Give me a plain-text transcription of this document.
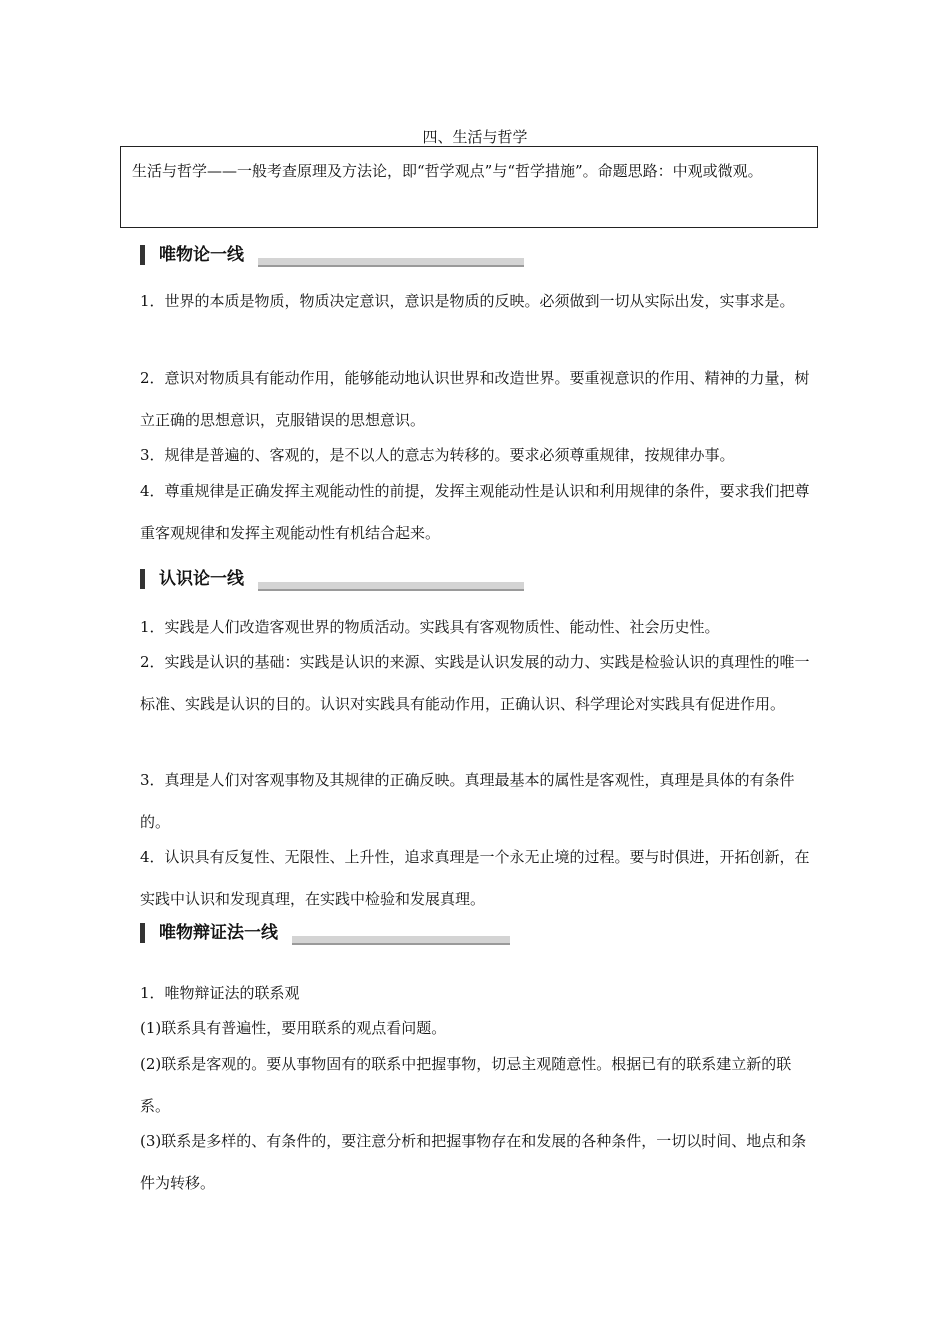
四、生活与哲学
生活与哲学——一般考查原理及方法论，即“哲学观点”与“哲学措施”。命题思路：中观或微观。
唯物论一线

1．世界的本质是物质，物质决定意识，意识是物质的反映。必须做到一切从实际出发，实事求是。

2．意识对物质具有能动作用，能够能动地认识世界和改造世界。要重视意识的作用、精神的力量，树立正确的思想意识，克服错误的思想意识。

3．规律是普遍的、客观的，是不以人的意志为转移的。要求必须尊重规律，按规律办事。

4．尊重规律是正确发挥主观能动性的前提，发挥主观能动性是认识和利用规律的条件，要求我们把尊重客观规律和发挥主观能动性有机结合起来。

认识论一线

1．实践是人们改造客观世界的物质活动。实践具有客观物质性、能动性、社会历史性。

2．实践是认识的基础：实践是认识的来源、实践是认识发展的动力、实践是检验认识的真理性的唯一标准、实践是认识的目的。认识对实践具有能动作用，正确认识、科学理论对实践具有促进作用。

3．真理是人们对客观事物及其规律的正确反映。真理最基本的属性是客观性，真理是具体的有条件的。

4．认识具有反复性、无限性、上升性，追求真理是一个永无止境的过程。要与时俱进，开拓创新，在实践中认识和发现真理，在实践中检验和发展真理。

唯物辩证法一线

1．唯物辩证法的联系观

(1)联系具有普遍性，要用联系的观点看问题。

(2)联系是客观的。要从事物固有的联系中把握事物，切忌主观随意性。根据已有的联系建立新的联系。

(3)联系是多样的、有条件的，要注意分析和把握事物存在和发展的各种条件，一切以时间、地点和条件为转移。
